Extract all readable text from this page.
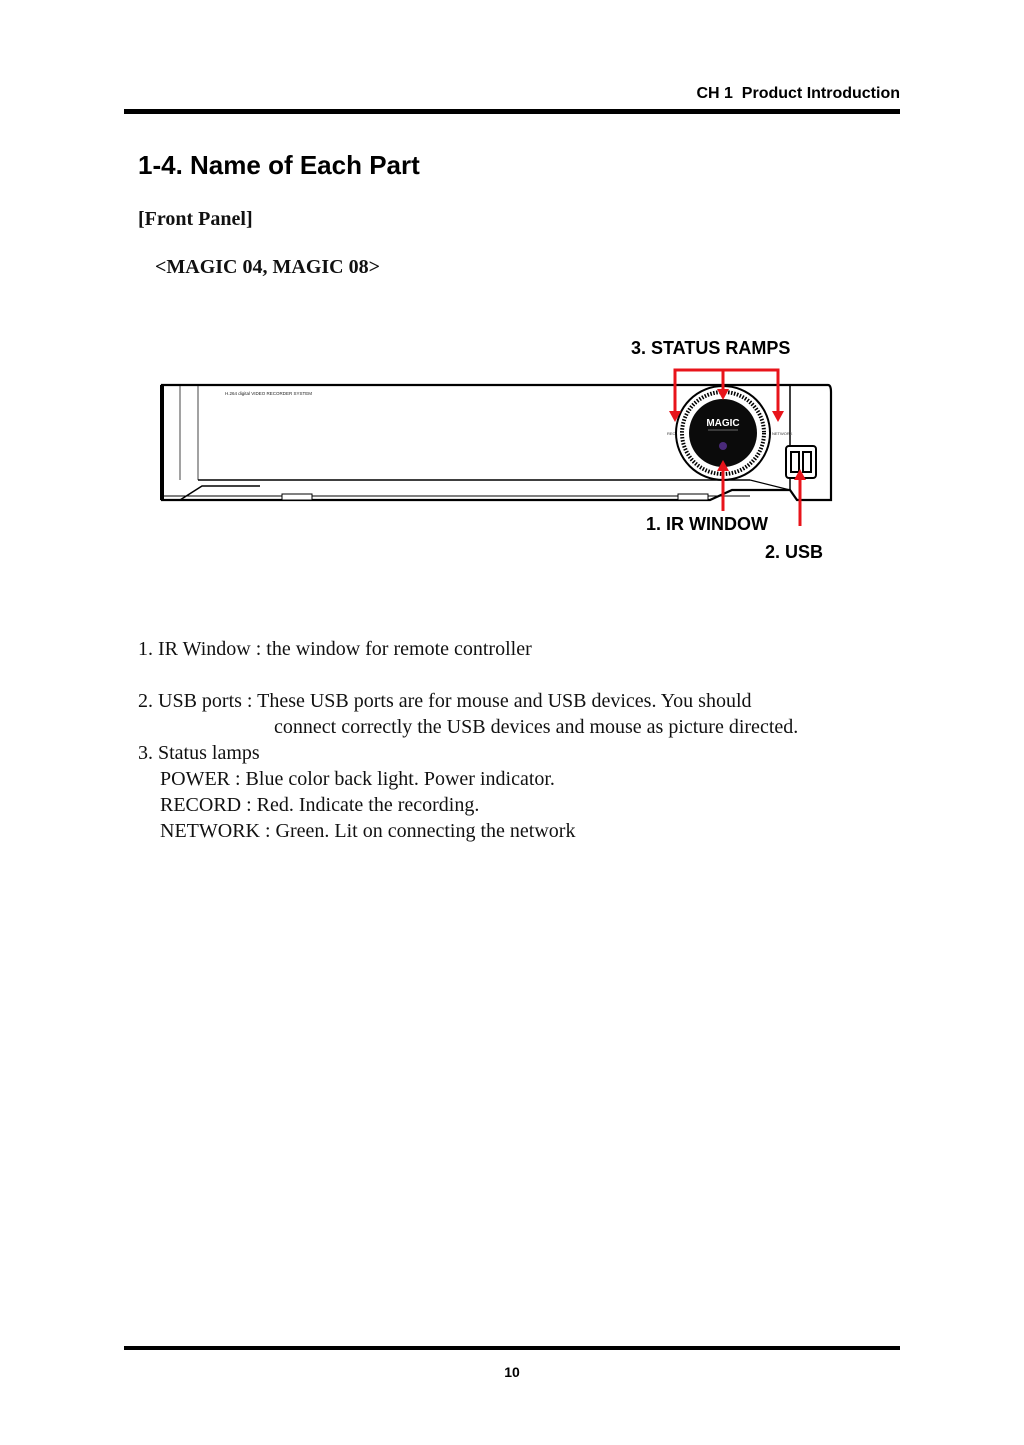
CH 1  Product Introduction
1-4. Name of Each Part
[Front Panel]
<MAGIC 04, MAGIC 08>
H.264 digital VIDEO RECORDER SYSTEM
MAGIC
REC	NETWORK
3. STATUS RAMPS
1. IR WINDOW
2. USB
1. IR Window : the window for remote controller
2. USB ports : These USB ports are for mouse and USB devices. You should
connect correctly the USB devices and mouse as picture directed.
3. Status lamps
POWER : Blue color back light. Power indicator.
RECORD : Red. Indicate the recording.
NETWORK : Green. Lit on connecting the network
10
